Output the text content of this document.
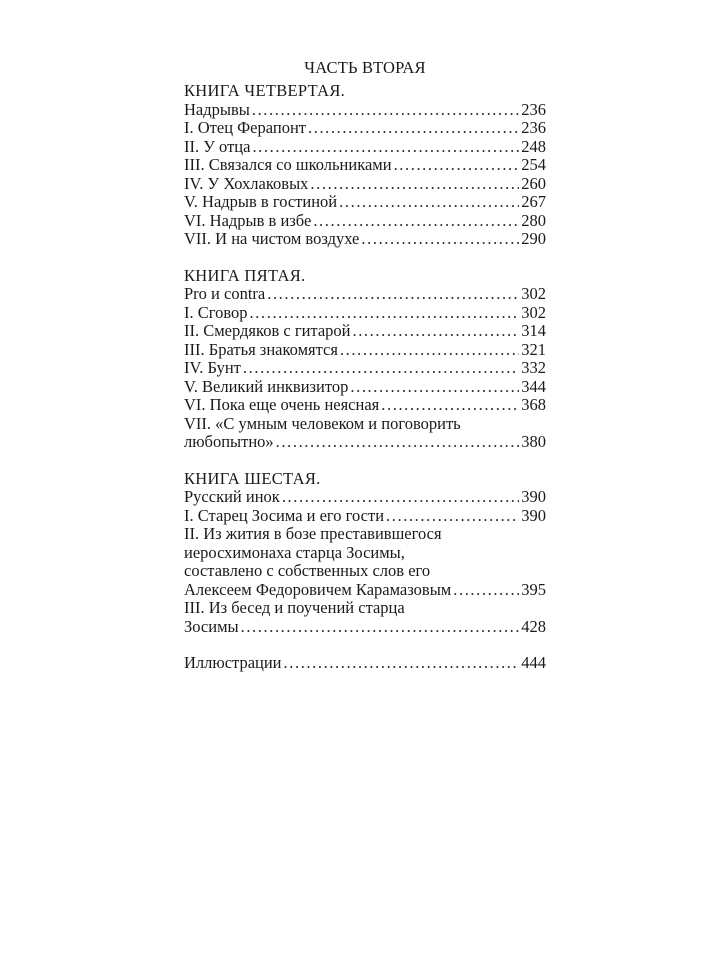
ЧАСТЬ ВТОРАЯ
КНИГА ЧЕТВЕРТАЯ.
Надрывы .....	236
I. Отец Ферапонт .....	236
II. У отца .....	248
III. Связался со школьниками .....	254
IV. У Хохлаковых .....	260
V. Надрыв в гостиной .....	267
VI. Надрыв в избе .....	280
VII. И на чистом воздухе .....	290
КНИГА ПЯТАЯ.
Pro и contra .....	302
I. Сговор .....	302
II. Смердяков с гитарой .....	314
III. Братья знакомятся .....	321
IV. Бунт .....	332
V. Великий инквизитор .....	344
VI. Пока еще очень неясная .....	368
VII. «С умным человеком и поговорить
любопытно» .....	380
КНИГА ШЕСТАЯ.
Русский инок .....	390
I. Старец Зосима и его гости .....	390
II. Из жития в бозе преставившегося
иеросхимонаха старца Зосимы,
составлено с собственных слов его
Алексеем Федоровичем Карамазовым .....	395
III. Из бесед и поучений старца
Зосимы .....	428
Иллюстрации .....	444
